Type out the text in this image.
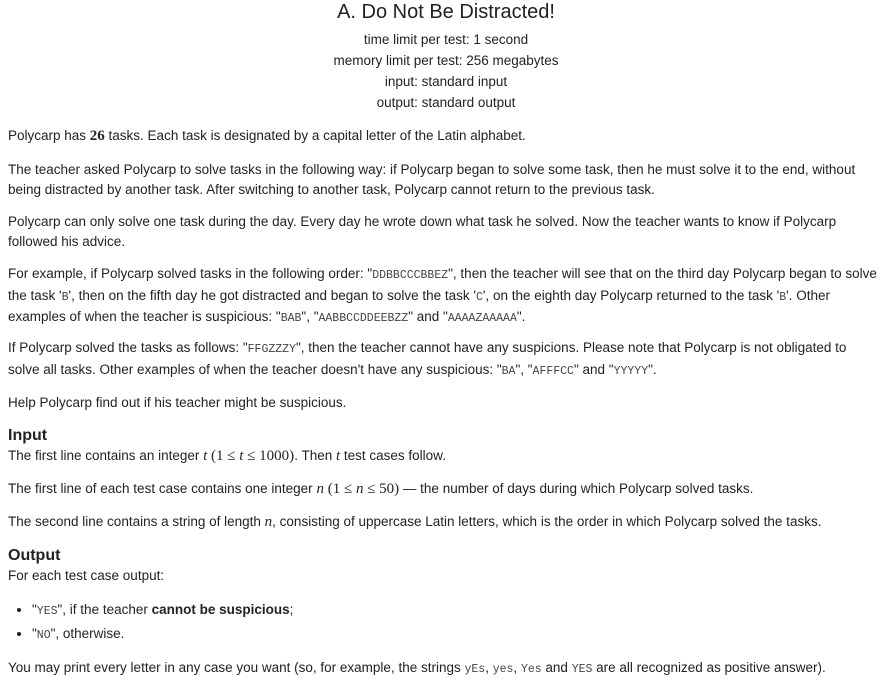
A. Do Not Be Distracted!
time limit per test: 1 second
memory limit per test: 256 megabytes
input: standard input
output: standard output
Polycarp has 26 tasks. Each task is designated by a capital letter of the Latin alphabet.
The teacher asked Polycarp to solve tasks in the following way: if Polycarp began to solve some task, then he must solve it to the end, without being distracted by another task. After switching to another task, Polycarp cannot return to the previous task.
Polycarp can only solve one task during the day. Every day he wrote down what task he solved. Now the teacher wants to know if Polycarp followed his advice.
For example, if Polycarp solved tasks in the following order: "DDBBCCCBBEZ", then the teacher will see that on the third day Polycarp began to solve the task 'B', then on the fifth day he got distracted and began to solve the task 'C', on the eighth day Polycarp returned to the task 'B'. Other examples of when the teacher is suspicious: "BAB", "AABBCCDDEEBZZ" and "AAAAZAAAAA".
If Polycarp solved the tasks as follows: "FFGZZZY", then the teacher cannot have any suspicions. Please note that Polycarp is not obligated to solve all tasks. Other examples of when the teacher doesn't have any suspicious: "BA", "AFFFCC" and "YYYYY".
Help Polycarp find out if his teacher might be suspicious.
Input
The first line contains an integer t (1 ≤ t ≤ 1000). Then t test cases follow.
The first line of each test case contains one integer n (1 ≤ n ≤ 50) — the number of days during which Polycarp solved tasks.
The second line contains a string of length n, consisting of uppercase Latin letters, which is the order in which Polycarp solved the tasks.
Output
For each test case output:
• "YES", if the teacher cannot be suspicious;
• "NO", otherwise.
You may print every letter in any case you want (so, for example, the strings yEs, yes, Yes and YES are all recognized as positive answer).
